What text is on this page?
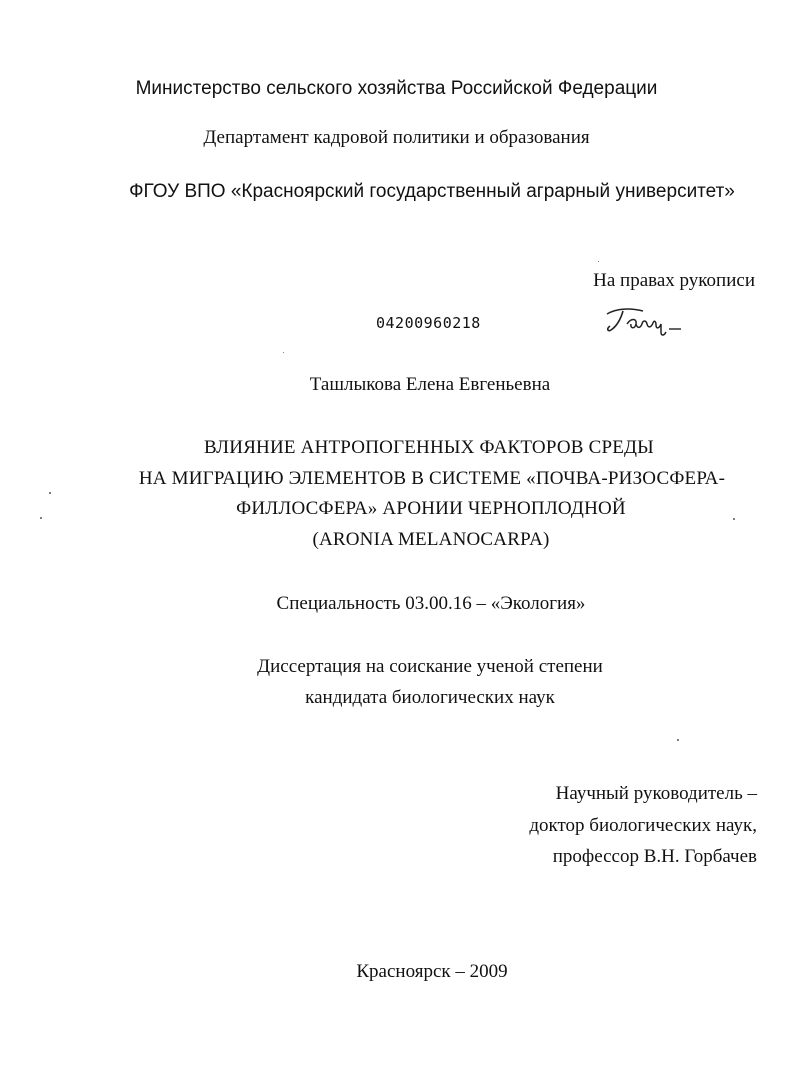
Министерство сельского хозяйства Российской Федерации

Департамент кадровой политики и образования

ФГОУ ВПО «Красноярский государственный аграрный университет»

На правах рукописи

04200960218

Ташлыкова Елена Евгеньевна

ВЛИЯНИЕ АНТРОПОГЕННЫХ ФАКТОРОВ СРЕДЫ

НА МИГРАЦИЮ ЭЛЕМЕНТОВ В СИСТЕМЕ «ПОЧВА-РИЗОСФЕРА-

ФИЛЛОСФЕРА» АРОНИИ ЧЕРНОПЛОДНОЙ

(ARONIA MELANOCARPA)

Специальность 03.00.16 – «Экология»

Диссертация на соискание ученой степени

кандидата биологических наук

Научный руководитель –

доктор биологических наук,

профессор В.Н. Горбачев

Красноярск – 2009
